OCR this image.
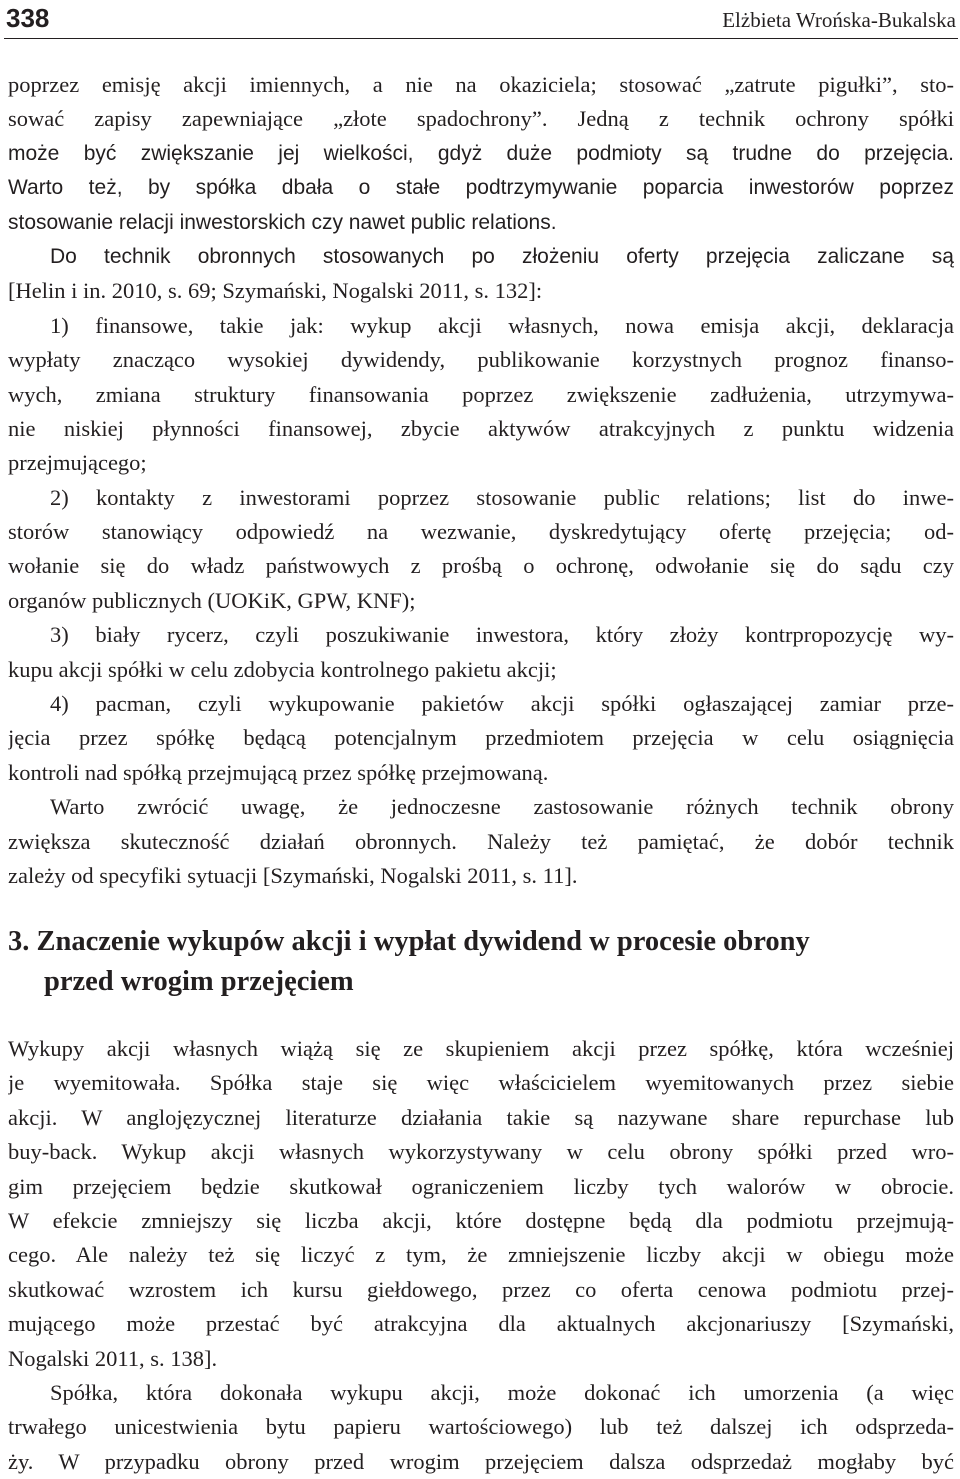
338	Elżbieta Wrońska-Bukalska
poprzez emisję akcji imiennych, a nie na okaziciela; stosować „zatrute pigułki”, sto-
sować zapisy zapewniające „złote spadochrony”. Jedną z technik ochrony spółki
może być zwiększanie jej wielkości, gdyż duże podmioty są trudne do przejęcia.
Warto też, by spółka dbała o stałe podtrzymywanie poparcia inwestorów poprzez
stosowanie relacji inwestorskich czy nawet public relations.
Do technik obronnych stosowanych po złożeniu oferty przejęcia zaliczane są
[Helin i in. 2010, s. 69; Szymański, Nogalski 2011, s. 132]:
1) finansowe, takie jak: wykup akcji własnych, nowa emisja akcji, deklaracja
wypłaty znacząco wysokiej dywidendy, publikowanie korzystnych prognoz finanso-
wych, zmiana struktury finansowania poprzez zwiększenie zadłużenia, utrzymywa-
nie niskiej płynności finansowej, zbycie aktywów atrakcyjnych z punktu widzenia
przejmującego;
2) kontakty z inwestorami poprzez stosowanie public relations; list do inwe-
storów stanowiący odpowiedź na wezwanie, dyskredytujący ofertę przejęcia; od-
wołanie się do władz państwowych z prośbą o ochronę, odwołanie się do sądu czy
organów publicznych (UOKiK, GPW, KNF);
3) biały rycerz, czyli poszukiwanie inwestora, który złoży kontrpropozycję wy-
kupu akcji spółki w celu zdobycia kontrolnego pakietu akcji;
4) pacman, czyli wykupowanie pakietów akcji spółki ogłaszającej zamiar prze-
jęcia przez spółkę będącą potencjalnym przedmiotem przejęcia w celu osiągnięcia
kontroli nad spółką przejmującą przez spółkę przejmowaną.
Warto zwrócić uwagę, że jednoczesne zastosowanie różnych technik obrony
zwiększa skuteczność działań obronnych. Należy też pamiętać, że dobór technik
zależy od specyfiki sytuacji [Szymański, Nogalski 2011, s. 11].
3. Znaczenie wykupów akcji i wypłat dywidend w procesie obrony
przed wrogim przejęciem
Wykupy akcji własnych wiążą się ze skupieniem akcji przez spółkę, która wcześniej
je wyemitowała. Spółka staje się więc właścicielem wyemitowanych przez siebie
akcji. W anglojęzycznej literaturze działania takie są nazywane share repurchase lub
buy-back. Wykup akcji własnych wykorzystywany w celu obrony spółki przed wro-
gim przejęciem będzie skutkował ograniczeniem liczby tych walorów w obrocie.
W efekcie zmniejszy się liczba akcji, które dostępne będą dla podmiotu przejmują-
cego. Ale należy też się liczyć z tym, że zmniejszenie liczby akcji w obiegu może
skutkować wzrostem ich kursu giełdowego, przez co oferta cenowa podmiotu przej-
mującego może przestać być atrakcyjna dla aktualnych akcjonariuszy [Szymański,
Nogalski 2011, s. 138].
Spółka, która dokonała wykupu akcji, może dokonać ich umorzenia (a więc
trwałego unicestwienia bytu papieru wartościowego) lub też dalszej ich odsprzeda-
ży. W przypadku obrony przed wrogim przejęciem dalsza odsprzedaż mogłaby być
